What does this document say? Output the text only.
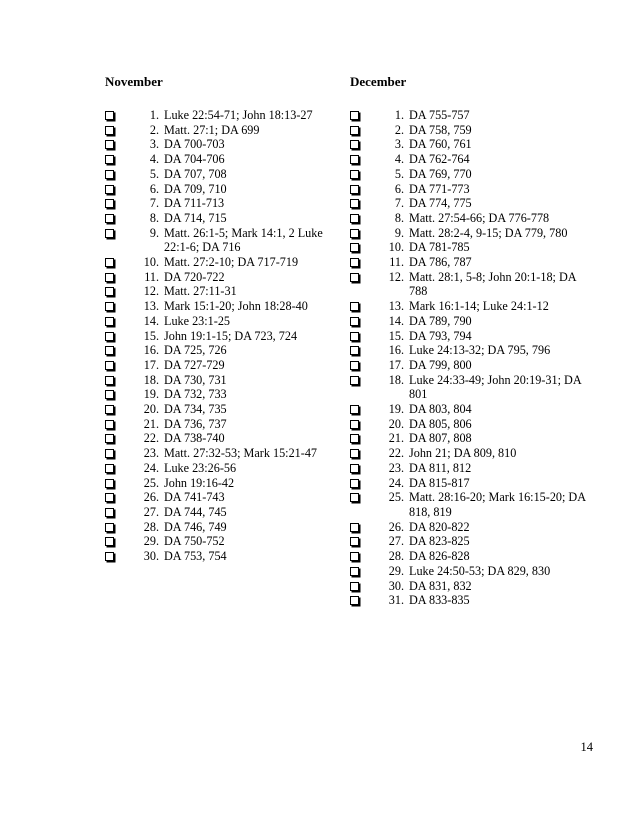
November
1. Luke 22:54-71; John 18:13-27
2. Matt. 27:1; DA 699
3. DA 700-703
4. DA 704-706
5. DA 707, 708
6. DA 709, 710
7. DA 711-713
8. DA 714, 715
9. Matt. 26:1-5; Mark 14:1, 2 Luke 22:1-6; DA 716
10. Matt. 27:2-10; DA 717-719
11. DA 720-722
12. Matt. 27:11-31
13. Mark 15:1-20; John 18:28-40
14. Luke 23:1-25
15. John 19:1-15; DA 723, 724
16. DA 725, 726
17. DA 727-729
18. DA 730, 731
19. DA 732, 733
20. DA 734, 735
21. DA 736, 737
22. DA 738-740
23. Matt. 27:32-53; Mark 15:21-47
24. Luke 23:26-56
25. John 19:16-42
26. DA 741-743
27. DA 744, 745
28. DA 746, 749
29. DA 750-752
30. DA 753, 754
December
1. DA 755-757
2. DA 758, 759
3. DA 760, 761
4. DA 762-764
5. DA 769, 770
6. DA 771-773
7. DA 774, 775
8. Matt. 27:54-66; DA 776-778
9. Matt. 28:2-4, 9-15; DA 779, 780
10. DA 781-785
11. DA 786, 787
12. Matt. 28:1, 5-8; John 20:1-18; DA 788
13. Mark 16:1-14; Luke 24:1-12
14. DA 789, 790
15. DA 793, 794
16. Luke 24:13-32; DA 795, 796
17. DA 799, 800
18. Luke 24:33-49; John 20:19-31; DA 801
19. DA 803, 804
20. DA 805, 806
21. DA 807, 808
22. John 21; DA 809, 810
23. DA 811, 812
24. DA 815-817
25. Matt. 28:16-20; Mark 16:15-20; DA 818, 819
26. DA 820-822
27. DA 823-825
28. DA 826-828
29. Luke 24:50-53; DA 829, 830
30. DA 831, 832
31. DA 833-835
14
